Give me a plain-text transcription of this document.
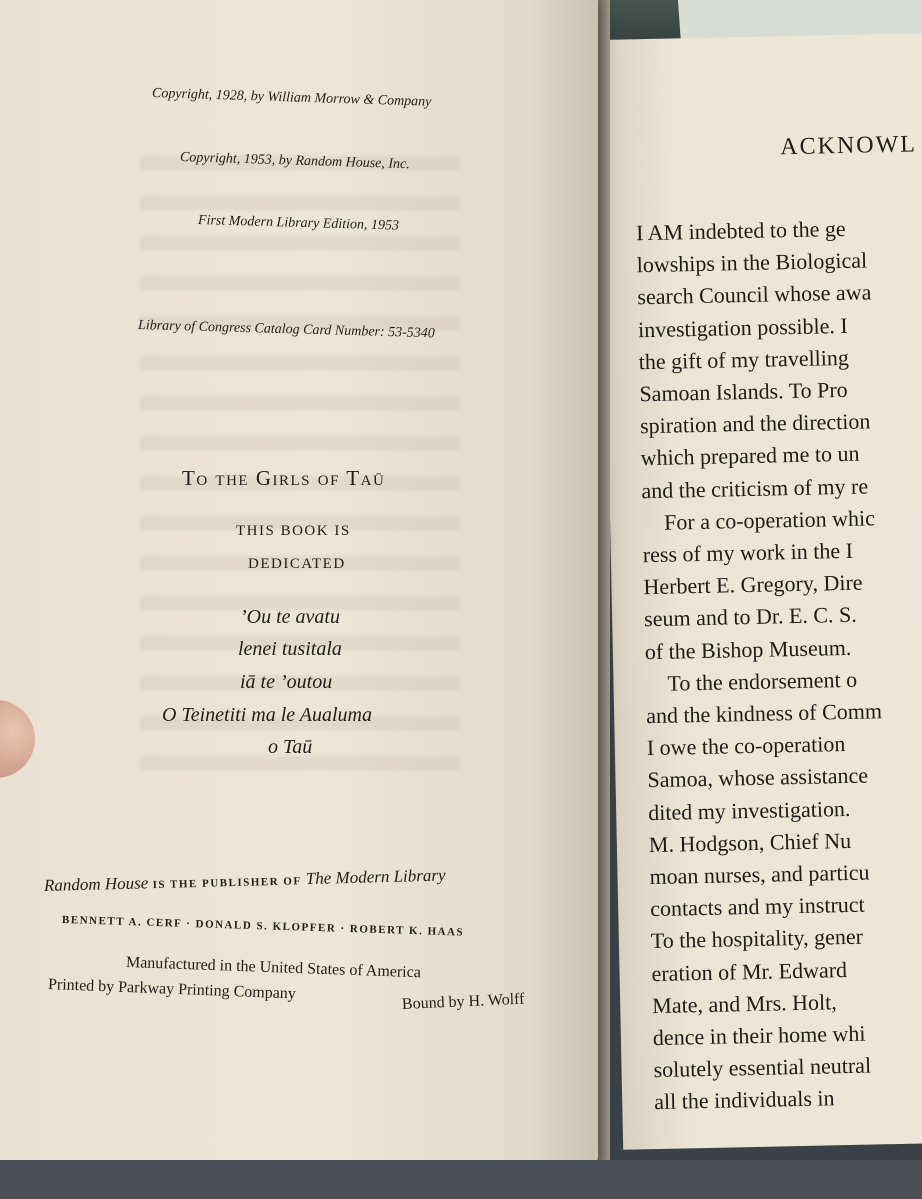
ACKNOWL
I AM indebted to the ge
lowships in the Biological
search Council whose awa
investigation possible. I
the gift of my travelling
Samoan Islands. To Pro
spiration and the direction
which prepared me to un
and the criticism of my re
For a co-operation whic
ress of my work in the I
Herbert E. Gregory, Dire
seum and to Dr. E. C. S.
of the Bishop Museum.
To the endorsement o
and the kindness of Comm
I owe the co-operation
Samoa, whose assistance
dited my investigation.
M. Hodgson, Chief Nu
moan nurses, and particu
contacts and my instruct
To the hospitality, gener
eration of Mr. Edward
Mate, and Mrs. Holt,
dence in their home whi
solutely essential neutral
all the individuals in
Copyright, 1928, by William Morrow & Company
Copyright, 1953, by Random House, Inc.
First Modern Library Edition, 1953
Library of Congress Catalog Card Number: 53-5340
To the Girls of Taū
THIS BOOK IS
DEDICATED
’Ou te avatu
lenei tusitala
iā te ’outou
O Teinetiti ma le Aualuma
o Taū
Random House IS THE PUBLISHER OF The Modern Library
BENNETT A. CERF · DONALD S. KLOPFER · ROBERT K. HAAS
Manufactured in the United States of America
Printed by Parkway Printing Company	Bound by H. Wolff
